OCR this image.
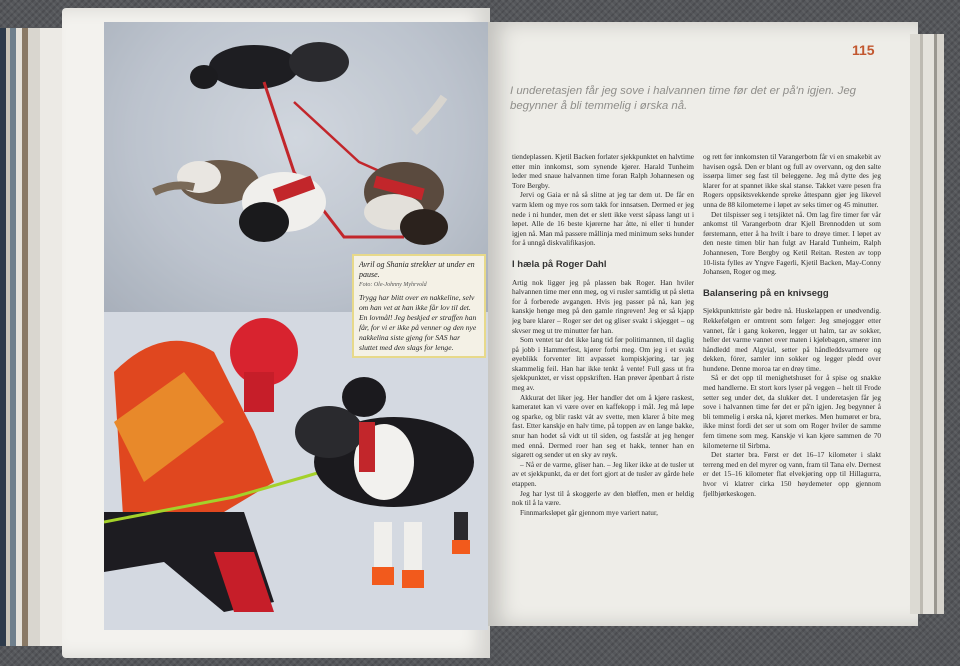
Avril og Shania strekker ut under en pause.
Foto: Ole-Johnny Myhrvold
Trygg har blitt over en nakkeline, selv om han vet at han ikke får lov til det. En lovmål! Jeg beskjed er straffen han får, for vi er ikke på venner og den nye nakkelina siste gjeng for SAS har sluttet med den slags for lenge.
115
I underetasjen får jeg sove i halvannen time før det er på'n igjen. Jeg begynner å bli temmelig i ørska nå.

tiendeplassen. Kjetil Backen forlater sjekkpunktet en halvtime etter min innkomst, som synende kjører. Harald Tunheim leder med snaue halvannen time foran Ralph Johannesen og Tore Bergby.

Jervi og Gaia er nå så slitne at jeg tar dem ut. De får en varm klem og mye ros som takk for innsatsen. Dermed er jeg nede i ni hunder, men det er slett ikke verst såpass langt ut i løpet. Alle de 16 beste kjørerne har åtte, ni eller ti hunder igjen nå. Man må passere mållinja med minimum seks hunder for å unngå diskvalifikasjon.

I hæla på Roger Dahl

Artig nok ligger jeg på plassen bak Roger. Han hviler halvannen time mer enn meg, og vi rusler samtidig ut på sletta for å forberede avgangen. Hvis jeg passer på nå, kan jeg kanskje henge meg på den gamle ringreven! Jeg er så kjapp jeg bare klarer – Roger ser det og gliser svakt i skjegget – og skvser meg ut tre minutter før han.

Som ventet tar det ikke lang tid før politimannen, til daglig på jobb i Hammerfest, kjører forbi meg. Om jeg i et svakt øyeblikk forventer litt avpasset kompiskjøring, tar jeg skammelig feil. Han har ikke tenkt å vente! Full gass ut fra sjekkpunktet, er visst oppskriften. Han prøver åpenbart å riste meg av.

Akkurat det liker jeg. Her handler det om å kjøre raskest, kameratet kan vi være over en kaffekopp i mål. Jeg må løpe og sparke, og blir raskt vát av svette, men klarer å bite meg fast. Etter kanskje en halv time, på toppen av en lange bakke, snur han hodet så vidt ut til siden, og fastslår at jeg henger med ennå. Dermed roer han seg et hakk, tenner han en sigarett og sender ut en sky av røyk.

– Nå er de varme, gliser han. – Jeg liker ikke at de tusler ut av et sjekkpunkt, da er det fort gjort at de tusler av gårde hele etappen.

Jeg har lyst til å skoggerle av den bløffen, men er heldig nok til å la være.

Finnmarksløpet går gjennom mye variert natur,

og rett før innkomsten til Varangerbotn får vi en smakebit av havisen også. Den er blant og full av overvann, og den salte issørpa limer seg fast til beleggene. Jeg må dytte des jeg klarer for at spannet ikke skal stanse. Takket være pesen fra Rogers oppsiktsvekkende spreke åttespann gjør jeg likevel unna de 88 kilometerne i løpet av seks timer og 45 minutter.

Det tilspisser seg i tetsjiktet nå. Om lag fire timer før vår ankomst til Varangerbotn drar Kjell Brennodden ut som førstemann, etter å ha hvilt i bare to drøye timer. I løpet av den neste timen blir han fulgt av Harald Tunheim, Ralph Johannesen, Tore Bergby og Ketil Reitan. Resten av topp 10-lista fylles av Yngve Fagerli, Kjetil Backen, May-Conny Johansen, Roger og meg.

Balansering på en knivsegg

Sjekkpunkttriste går bedre nå. Huskelappen er unødvendig. Rekkefølgen er omtrent som følger: Jeg smøjogger etter vannet, får i gang kokeren, legger ut halm, tar av sokker, heller det varme vannet over maten i kjølebagen, smører inn håndledd med Algvial, setter på håndleddsvarmere og dekken, fórer, samler inn sokker og legger pledd over hundene. Denne moroa tar en drøy time.

Så er det opp til menighetshuset for å spise og snakke med handlerne. Et stort kors lyser på veggen – helt til Frode setter seg under det, da slukker det. I underetasjen får jeg sove i halvannen time før det er på'n igjen. Jeg begynner å bli temmelig i ørska nå, kjøret merkes. Men humøret er bra, ikke minst fordi det ser ut som om Roger hviler de samme fem timene som meg. Kanskje vi kan kjøre sammen de 70 kilometerne til Sirbma.

Det starter bra. Først er det 16–17 kilometer i slakt terreng med en del myrer og vann, fram til Tana elv. Dernest er det 15–16 kilometer flat elvekjøring opp til Hillagurra, hvor vi klatrer cirka 150 høydemeter opp gjennom fjellbjørkeskogen.
